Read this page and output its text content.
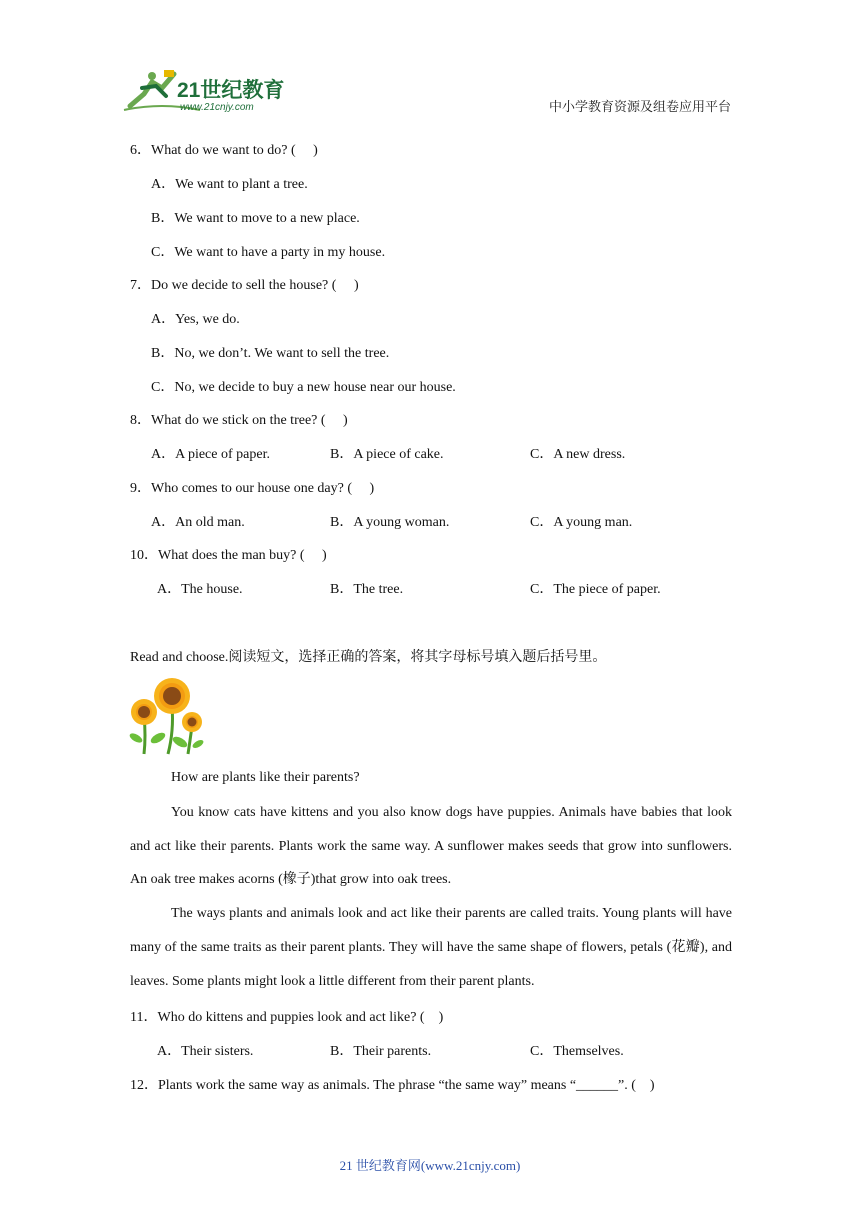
21世纪教育
www.21cnjy.com	中小学教育资源及组卷应用平台
6．What do we want to do? (  )
A．We want to plant a tree.
B．We want to move to a new place.
C．We want to have a party in my house.
7．Do we decide to sell the house? (  )
A．Yes, we do.
B．No, we don’t. We want to sell the tree.
C．No, we decide to buy a new house near our house.
8．What do we stick on the tree? (  )
A．A piece of paper.	B．A piece of cake.	C．A new dress.
9．Who comes to our house one day? (  )
A．An old man.	B．A young woman.	C．A young man.
10．What does the man buy? (  )
A．The house.	B．The tree.	C．The piece of paper.
Read and choose.阅读短文，选择正确的答案，将其字母标号填入题后括号里。
How are plants like their parents?

You know cats have kittens and you also know dogs have puppies. Animals have babies that look and act like their parents. Plants work the same way. A sunflower makes seeds that grow into sunflowers. An oak tree makes acorns (橡子)that grow into oak trees.

The ways plants and animals look and act like their parents are called traits. Young plants will have many of the same traits as their parent plants. They will have the same shape of flowers, petals (花瓣), and leaves. Some plants might look a little different from their parent plants.

11．Who do kittens and puppies look and act like? ( )
A．Their sisters.	B．Their parents.	C．Themselves.
12．Plants work the same way as animals. The phrase “the same way” means “______”. ( )
21 世纪教育网(www.21cnjy.com)
